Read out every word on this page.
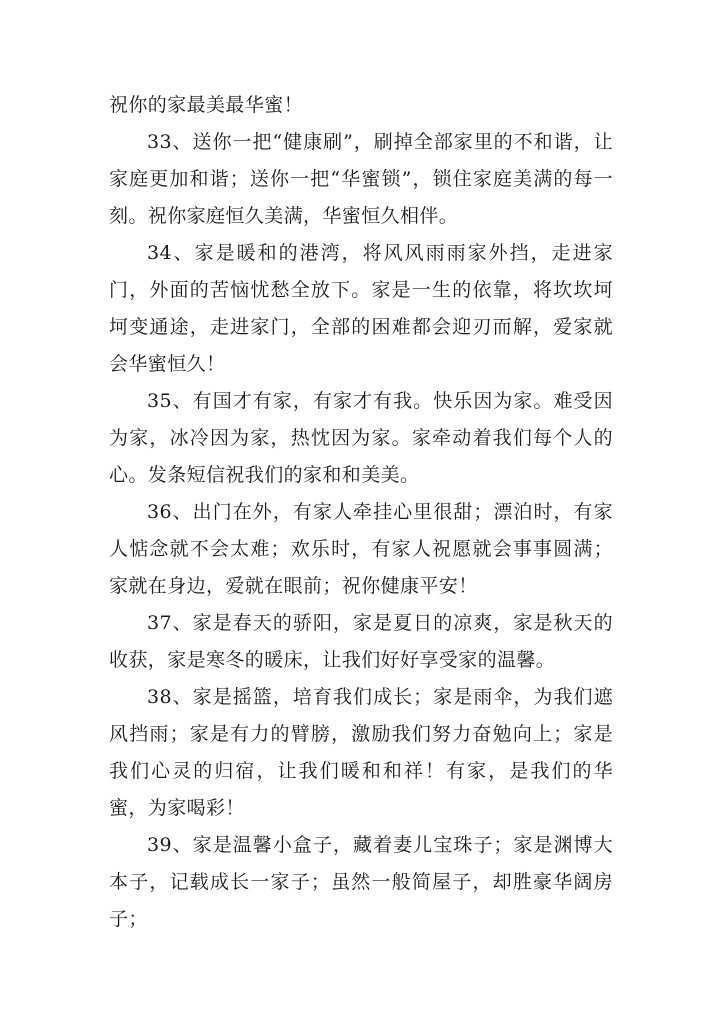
祝你的家最美最华蜜！

33、送你一把“健康刷”，刷掉全部家里的不和谐，让家庭更加和谐；送你一把“华蜜锁”，锁住家庭美满的每一刻。祝你家庭恒久美满，华蜜恒久相伴。

34、家是暖和的港湾，将风风雨雨家外挡，走进家门，外面的苦恼忧愁全放下。家是一生的依靠，将坎坎坷坷变通途，走进家门，全部的困难都会迎刃而解，爱家就会华蜜恒久！

35、有国才有家，有家才有我。快乐因为家。难受因为家，冰冷因为家，热忱因为家。家牵动着我们每个人的心。发条短信祝我们的家和和美美。

36、出门在外，有家人牵挂心里很甜；漂泊时，有家人惦念就不会太难；欢乐时，有家人祝愿就会事事圆满；家就在身边，爱就在眼前；祝你健康平安！

37、家是春天的骄阳，家是夏日的凉爽，家是秋天的收获，家是寒冬的暖床，让我们好好享受家的温馨。

38、家是摇篮，培育我们成长；家是雨伞，为我们遮风挡雨；家是有力的臂膀，激励我们努力奋勉向上；家是我们心灵的归宿，让我们暖和和祥！有家，是我们的华蜜，为家喝彩！

39、家是温馨小盒子，藏着妻儿宝珠子；家是渊博大本子，记载成长一家子；虽然一般简屋子，却胜豪华阔房子；
